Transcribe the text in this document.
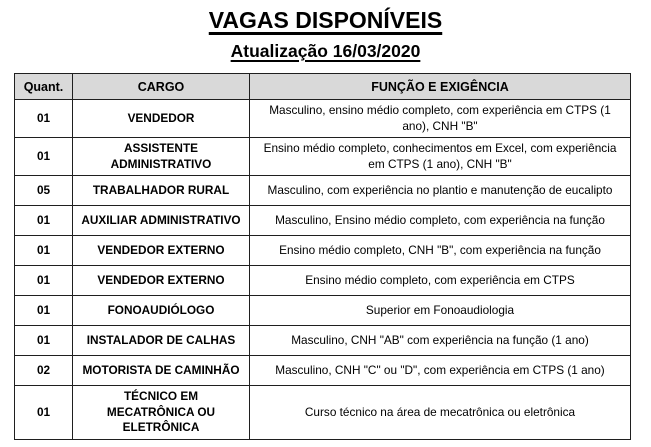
VAGAS DISPONÍVEIS
Atualização 16/03/2020
Quant.	CARGO	FUNÇÃO E EXIGÊNCIA
01	VENDEDOR	Masculino, ensino médio completo, com experiência em CTPS (1 ano), CNH "B"
01	ASSISTENTE ADMINISTRATIVO	Ensino médio completo, conhecimentos em Excel, com experiência em CTPS (1 ano), CNH "B"
05	TRABALHADOR RURAL	Masculino, com experiência no plantio e manutenção de eucalipto
01	AUXILIAR ADMINISTRATIVO	Masculino, Ensino médio completo, com experiência na função
01	VENDEDOR EXTERNO	Ensino médio completo, CNH "B", com experiência na função
01	VENDEDOR EXTERNO	Ensino médio completo, com experiência em CTPS
01	FONOAUDIÓLOGO	Superior em Fonoaudiologia
01	INSTALADOR DE CALHAS	Masculino, CNH "AB" com experiência na função (1 ano)
02	MOTORISTA DE CAMINHÃO	Masculino, CNH "C" ou "D", com experiência em CTPS (1 ano)
01	TÉCNICO EM MECATRÔNICA OU ELETRÔNICA	Curso técnico na área de mecatrônica ou eletrônica
